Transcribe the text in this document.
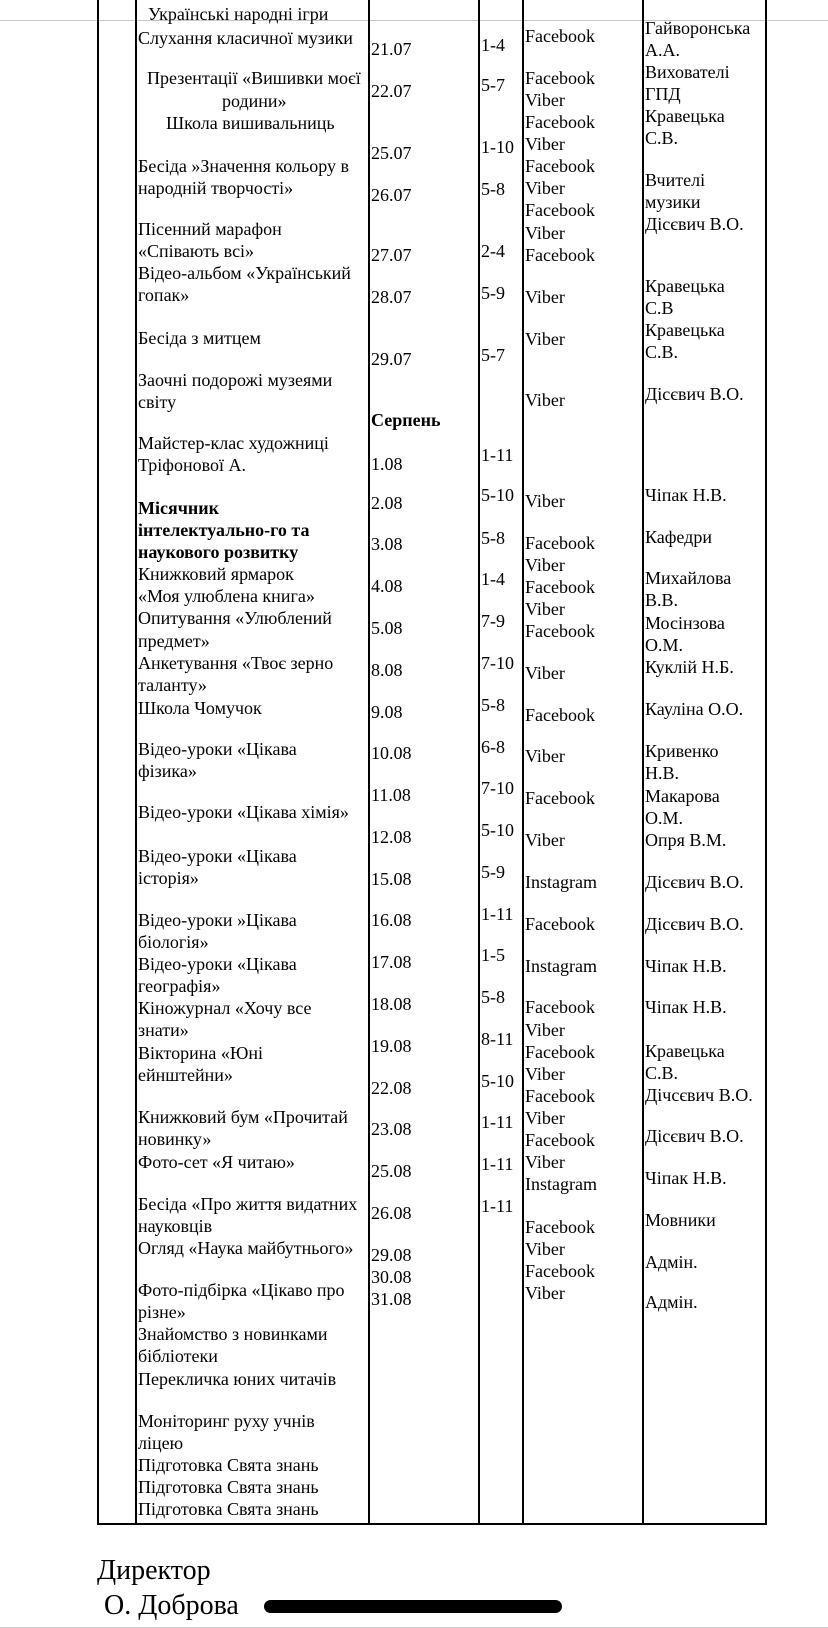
Українські народні ігри
Слухання класичної музики
Презентації «Вишивки моєї
родини»
Школа вишивальниць
Бесіда »Значення кольору в
народній творчості»
Пісенний марафон
«Співають всі»
Відео-альбом «Український
гопак»
Бесіда з митцем
Заочні подорожі музеями
світу
Майстер-клас художниці
Тріфонової А.
Місячник
інтелектуально-го та
наукового розвитку
Книжковий ярмарок
«Моя улюблена книга»
Опитування «Улюблений
предмет»
Анкетування «Твоє зерно
таланту»
Школа Чомучок
Відео-уроки «Цікава
фізика»
Відео-уроки «Цікава хімія»
Відео-уроки «Цікава
історія»
Відео-уроки »Цікава
біологія»
Відео-уроки «Цікава
географія»
Кіножурнал «Хочу все
знати»
Вікторина «Юні
ейнштейни»
Книжковий бум «Прочитай
новинку»
Фото-сет «Я читаю»
Бесіда «Про життя видатних
науковців
Огляд «Наука майбутнього»
Фото-підбірка «Цікаво про
різне»
Знайомство з новинками
бібліотеки
Перекличка юних читачів
Моніторинг руху учнів
ліцею
Підготовка Свята знань
Підготовка Свята знань
Підготовка Свята знань
21.07
22.07
25.07
26.07
27.07
28.07
29.07
Серпень
1.08
2.08
3.08
4.08
5.08
8.08
9.08
10.08
11.08
12.08
15.08
16.08
17.08
18.08
19.08
22.08
23.08
25.08
26.08
29.08
30.08
31.08
1-4
5-7
1-10
5-8
2-4
5-9
5-7
1-11
5-10
5-8
1-4
7-9
7-10
5-8
6-8
7-10
5-10
5-9
1-11
1-5
5-8
8-11
5-10
1-11
1-11
1-11
Facebook
Facebook
Viber
Facebook
Viber
Facebook
Viber
Facebook
Viber
Facebook
Viber
Viber
Viber
Viber
Facebook
Viber
Facebook
Viber
Facebook
Viber
Facebook
Viber
Facebook
Viber
Instagram
Facebook
Instagram
Facebook
Viber
Facebook
Viber
Facebook
Viber
Facebook
Viber
Instagram
Facebook
Viber
Facebook
Viber
Гайворонська
А.А.
Вихователі
ГПД
Кравецька
С.В.
Вчителі
музики
Дісєвич В.О.
Кравецька
С.В
Кравецька
С.В.
Дісєвич В.О.
Чіпак Н.В.
Кафедри
Михайлова
В.В.
Мосінзова
О.М.
Куклій Н.Б.
Кауліна О.О.
Кривенко
Н.В.
Макарова
О.М.
Опря В.М.
Дісєвич В.О.
Дісєвич В.О.
Чіпак Н.В.
Чіпак Н.В.
Кравецька
С.В.
Дічсєвич В.О.
Дісєвич В.О.
Чіпак Н.В.
Мовники
Адмін.
Адмін.
Директор
О. Доброва
